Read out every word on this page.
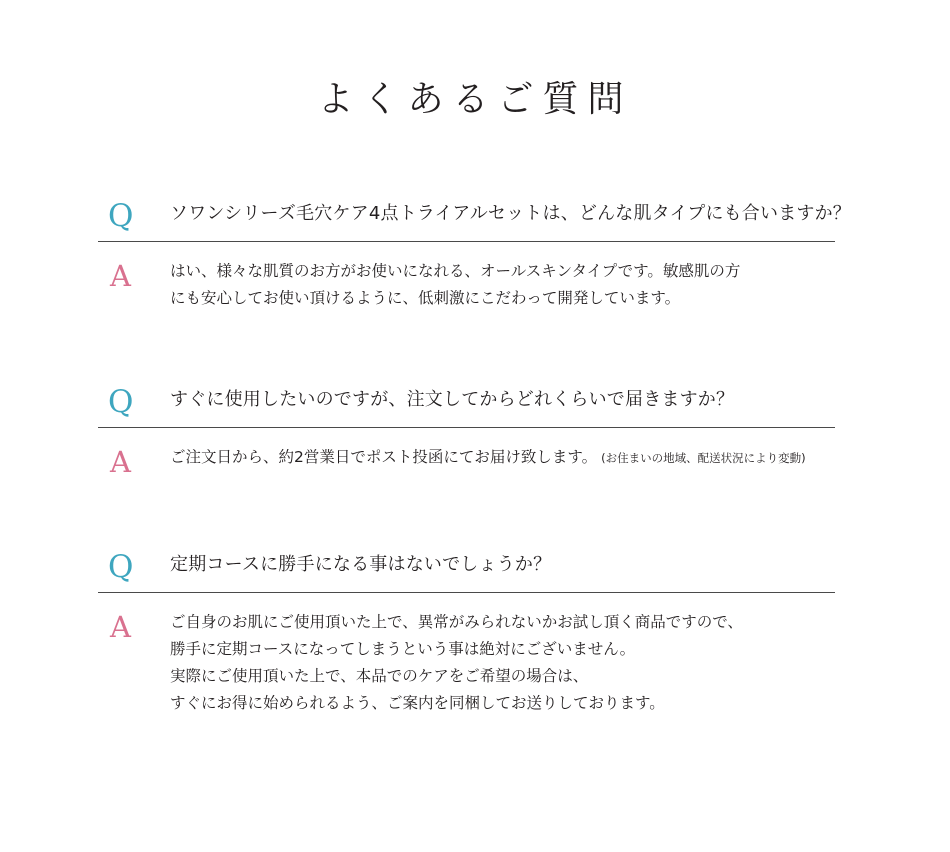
よくあるご質問
Q ソワンシリーズ毛穴ケア4点トライアルセットは、どんな肌タイプにも合いますか？
A	はい、様々な肌質のお方がお使いになれる、オールスキンタイプです。敏感肌の方
にも安心してお使い頂けるように、低刺激にこだわって開発しています。
Q すぐに使用したいのですが、注文してからどれくらいで届きますか？
A	ご注文日から、約2営業日でポスト投函にてお届け致します。 (お住まいの地域、配送状況により変動)
Q 定期コースに勝手になる事はないでしょうか？
A	ご自身のお肌にご使用頂いた上で、異常がみられないかお試し頂く商品ですので、
勝手に定期コースになってしまうという事は絶対にございません。
実際にご使用頂いた上で、本品でのケアをご希望の場合は、
すぐにお得に始められるよう、ご案内を同梱してお送りしております。
